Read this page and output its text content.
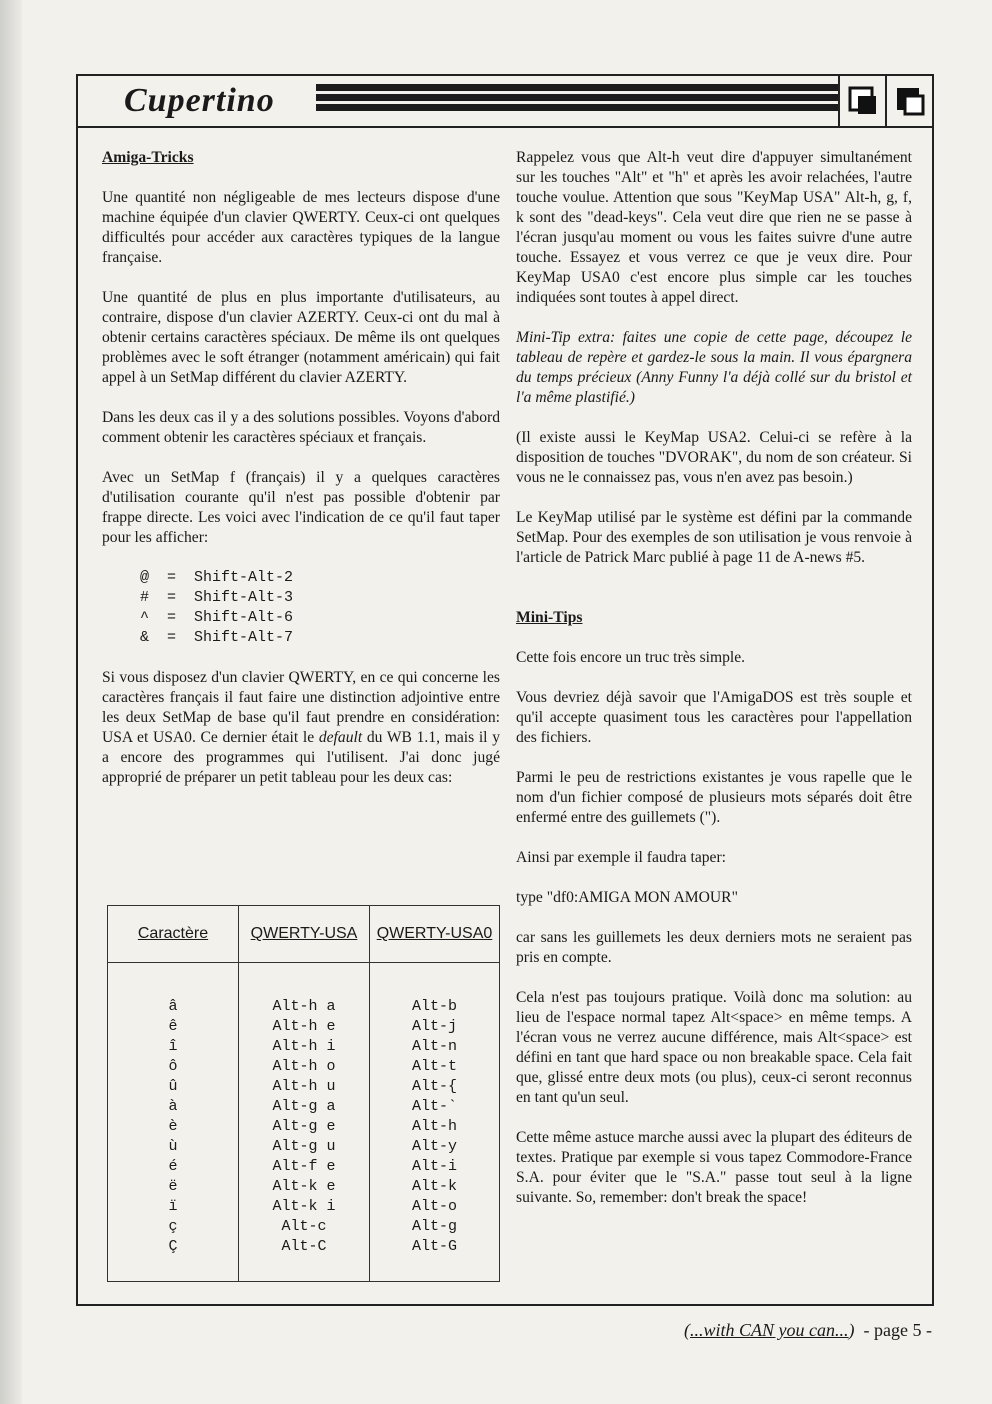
Cupertino
Amiga-Tricks

Une quantité non négligeable de mes lecteurs dispose d'une machine équipée d'un clavier QWERTY. Ceux-ci ont quelques difficultés pour accéder aux caractères typiques de la langue française.

Une quantité de plus en plus importante d'utilisateurs, au contraire, dispose d'un clavier AZERTY. Ceux-ci ont du mal à obtenir certains caractères spéciaux. De même ils ont quelques problèmes avec le soft étranger (notamment américain) qui fait appel à un SetMap différent du clavier AZERTY.

Dans les deux cas il y a des solutions possibles. Voyons d'abord comment obtenir les caractères spéciaux et français.

Avec un SetMap f (français) il y a quelques caractères d'utilisation courante qu'il n'est pas possible d'obtenir par frappe directe. Les voici avec l'indication de ce qu'il faut taper pour les afficher:

@  =  Shift-Alt-2
#  =  Shift-Alt-3
^  =  Shift-Alt-6
&  =  Shift-Alt-7

Si vous disposez d'un clavier QWERTY, en ce qui concerne les caractères français il faut faire une distinction adjointive entre les deux SetMap de base qu'il faut prendre en considération: USA et USA0. Ce dernier était le default du WB 1.1, mais il y a encore des programmes qui l'utilisent. J'ai donc jugé approprié de préparer un petit tableau pour les deux cas:

Caractère	QWERTY-USA	QWERTY-USA0
â	Alt-h a	Alt-b
ê	Alt-h e	Alt-j
î	Alt-h i	Alt-n
ô	Alt-h o	Alt-t
û	Alt-h u	Alt-{
à	Alt-g a	Alt-`
è	Alt-g e	Alt-h
ù	Alt-g u	Alt-y
é	Alt-f e	Alt-i
ë	Alt-k e	Alt-k
ï	Alt-k i	Alt-o
ç	Alt-c	Alt-g
Ç	Alt-C	Alt-G

Rappelez vous que Alt-h veut dire d'appuyer simultanément sur les touches "Alt" et "h" et après les avoir relachées, l'autre touche voulue. Attention que sous "KeyMap USA" Alt-h, g, f, k sont des "dead-keys". Cela veut dire que rien ne se passe à l'écran jusqu'au moment ou vous les faites suivre d'une autre touche. Essayez et vous verrez ce que je veux dire. Pour KeyMap USA0 c'est encore plus simple car les touches indiquées sont toutes à appel direct.

Mini-Tip extra: faites une copie de cette page, découpez le tableau de repère et gardez-le sous la main. Il vous épargnera du temps précieux (Anny Funny l'a déjà collé sur du bristol et l'a même plastifié.)

(Il existe aussi le KeyMap USA2. Celui-ci se refère à la disposition de touches "DVORAK", du nom de son créateur. Si vous ne le connaissez pas, vous n'en avez pas besoin.)

Le KeyMap utilisé par le système est défini par la commande SetMap. Pour des exemples de son utilisation je vous renvoie à l'article de Patrick Marc publié à page 11 de A-news #5.

Mini-Tips

Cette fois encore un truc très simple.

Vous devriez déjà savoir que l'AmigaDOS est très souple et qu'il accepte quasiment tous les caractères pour l'appellation des fichiers.

Parmi le peu de restrictions existantes je vous rapelle que le nom d'un fichier composé de plusieurs mots séparés doit être enfermé entre des guillemets (").

Ainsi par exemple il faudra taper:

type "df0:AMIGA MON AMOUR"

car sans les guillemets les deux derniers mots ne seraient pas pris en compte.

Cela n'est pas toujours pratique. Voilà donc ma solution: au lieu de l'espace normal tapez Alt<space> en même temps. A l'écran vous ne verrez aucune différence, mais Alt<space> est défini en tant que hard space ou non breakable space. Cela fait que, glissé entre deux mots (ou plus), ceux-ci seront reconnus en tant qu'un seul.

Cette même astuce marche aussi avec la plupart des éditeurs de textes. Pratique par exemple si vous tapez Commodore-France S.A. pour éviter que le "S.A." passe tout seul à la ligne suivante. So, remember: don't break the space!

(...with CAN you can...) - page 5 -
